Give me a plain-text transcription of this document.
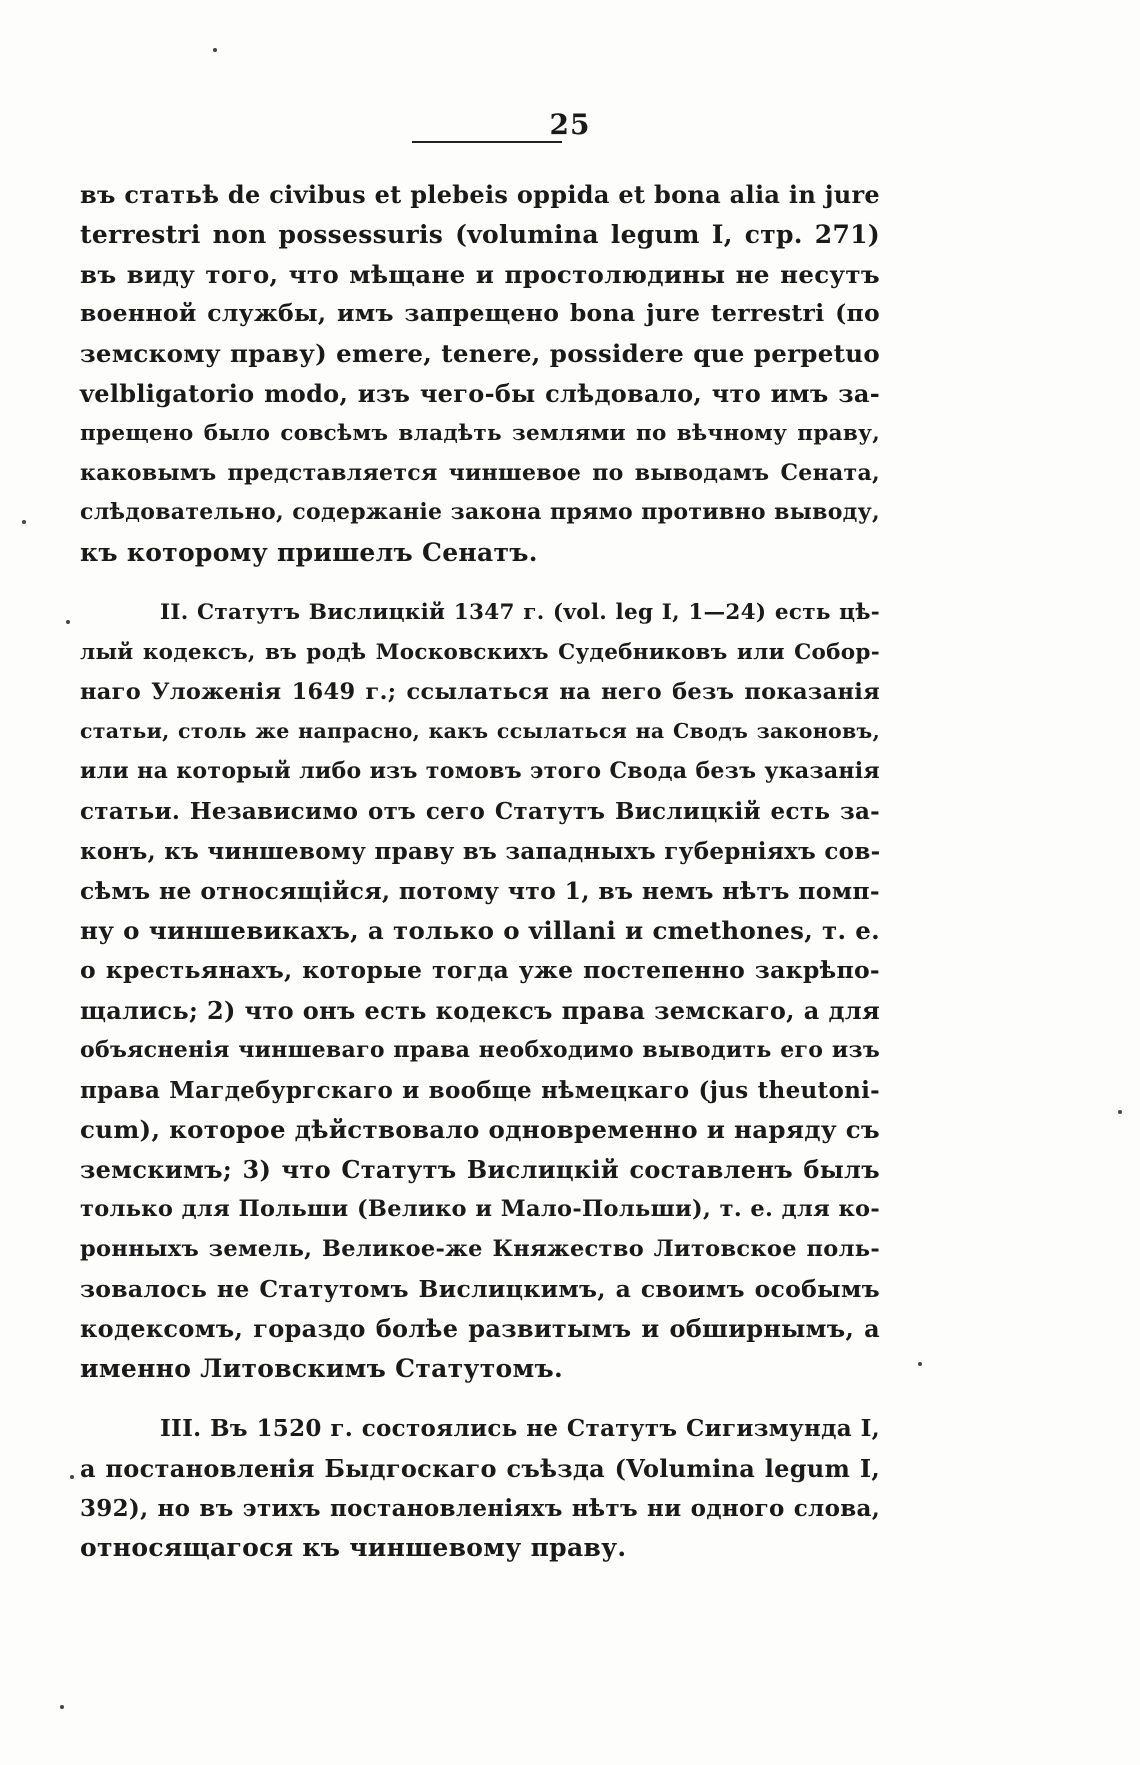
25
въ статьѣ de civibus et plebeis oppida et bona alia in jure
terrestri non possessuris (volumina legum I, стр. 271)
въ виду того, что мѣщане и простолюдины не несутъ
военной службы, имъ запрещено bona jure terrestri (по
земскому праву) emere, tenere, possidere que perpetuo
velbligatorio modo, изъ чего-бы слѣдовало, что имъ за-
прещено было совсѣмъ владѣть землями по вѣчному праву,
каковымъ представляется чиншевое по выводамъ Сената,
слѣдовательно, содержаніе закона прямо противно выводу,
къ которому пришелъ Сенатъ.
II. Статутъ Вислицкій 1347 г. (vol. leg I, 1—24) есть цѣ-
лый кодексъ, въ родѣ Московскихъ Судебниковъ или Собор-
наго Уложенія 1649 г.; ссылаться на него безъ показанія
статьи, столь же напрасно, какъ ссылаться на Сводъ законовъ,
или на который либо изъ томовъ этого Свода безъ указанія
статьи. Независимо отъ сего Статутъ Вислицкій есть за-
конъ, къ чиншевому праву въ западныхъ губерніяхъ сов-
сѣмъ не относящійся, потому что 1, въ немъ нѣтъ помп-
ну о чиншевикахъ, а только о villani и cmethones, т. е.
о крестьянахъ, которые тогда уже постепенно закрѣпо-
щались; 2) что онъ есть кодексъ права земскаго, а для
объясненія чиншеваго права необходимо выводить его изъ
права Магдебургскаго и вообще нѣмецкаго (jus theutoni-
cum), которое дѣйствовало одновременно и наряду съ
земскимъ; 3) что Статутъ Вислицкій составленъ былъ
только для Польши (Велико и Мало-Польши), т. е. для ко-
ронныхъ земель, Великое-же Княжество Литовское поль-
зовалось не Статутомъ Вислицкимъ, а своимъ особымъ
кодексомъ, гораздо болѣе развитымъ и обширнымъ, а
именно Литовскимъ Статутомъ.
III. Въ 1520 г. состоялись не Статутъ Сигизмунда I,
а постановленія Быдгоскаго съѣзда (Volumina legum I,
392), но въ этихъ постановленіяхъ нѣтъ ни одного слова,
относящагося къ чиншевому праву.
